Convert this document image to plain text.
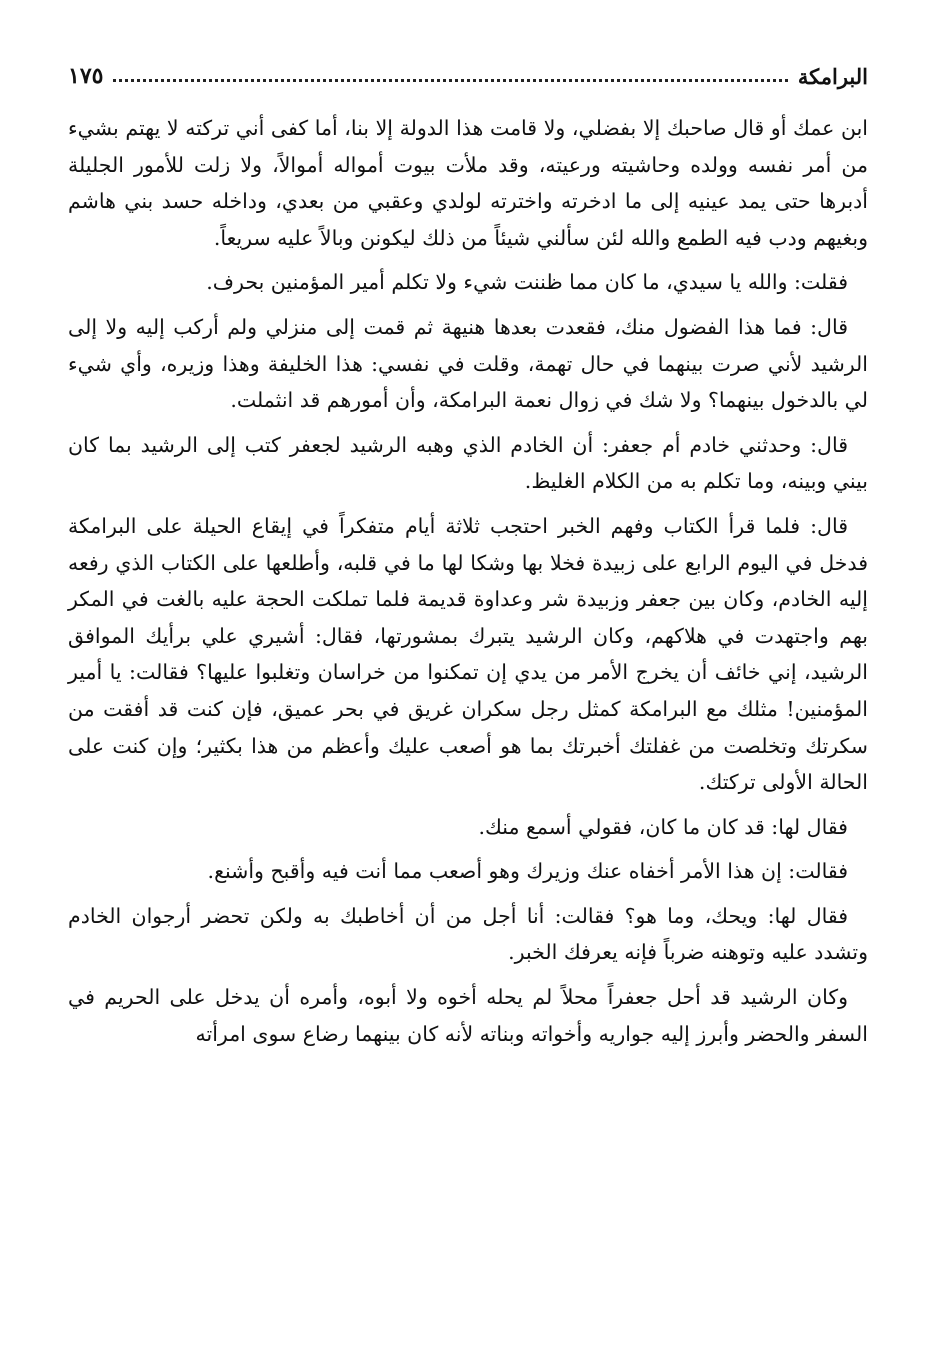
البرامكة
١٧٥

ابن عمك أو قال صاحبك إلا بفضلي، ولا قامت هذا الدولة إلا بنا، أما كفى أني تركته لا يهتم بشيء من أمر نفسه وولده وحاشيته ورعيته، وقد ملأت بيوت أمواله أموالاً، ولا زلت للأمور الجليلة أدبرها حتى يمد عينيه إلى ما ادخرته واخترته لولدي وعقبي من بعدي، وداخله حسد بني هاشم وبغيهم ودب فيه الطمع والله لئن سألني شيئاً من ذلك ليكونن وبالاً عليه سريعاً.

فقلت: والله يا سيدي، ما كان مما ظننت شيء ولا تكلم أمير المؤمنين بحرف.

قال: فما هذا الفضول منك، فقعدت بعدها هنيهة ثم قمت إلى منزلي ولم أركب إليه ولا إلى الرشيد لأني صرت بينهما في حال تهمة، وقلت في نفسي: هذا الخليفة وهذا وزيره، وأي شيء لي بالدخول بينهما؟ ولا شك في زوال نعمة البرامكة، وأن أمورهم قد انثملت.

قال: وحدثني خادم أم جعفر: أن الخادم الذي وهبه الرشيد لجعفر كتب إلى الرشيد بما كان بيني وبينه، وما تكلم به من الكلام الغليظ.

قال: فلما قرأ الكتاب وفهم الخبر احتجب ثلاثة أيام متفكراً في إيقاع الحيلة على البرامكة فدخل في اليوم الرابع على زبيدة فخلا بها وشكا لها ما في قلبه، وأطلعها على الكتاب الذي رفعه إليه الخادم، وكان بين جعفر وزبيدة شر وعداوة قديمة فلما تملكت الحجة عليه بالغت في المكر بهم واجتهدت في هلاكهم، وكان الرشيد يتبرك بمشورتها، فقال: أشيري علي برأيك الموافق الرشيد، إني خائف أن يخرج الأمر من يدي إن تمكنوا من خراسان وتغلبوا عليها؟ فقالت: يا أمير المؤمنين! مثلك مع البرامكة كمثل رجل سكران غريق في بحر عميق، فإن كنت قد أفقت من سكرتك وتخلصت من غفلتك أخبرتك بما هو أصعب عليك وأعظم من هذا بكثير؛ وإن كنت على الحالة الأولى تركتك.

فقال لها: قد كان ما كان، فقولي أسمع منك.

فقالت: إن هذا الأمر أخفاه عنك وزيرك وهو أصعب مما أنت فيه وأقبح وأشنع.

فقال لها: ويحك، وما هو؟ فقالت: أنا أجل من أن أخاطبك به ولكن تحضر أرجوان الخادم وتشدد عليه وتوهنه ضرباً فإنه يعرفك الخبر.

وكان الرشيد قد أحل جعفراً محلاً لم يحله أخوه ولا أبوه، وأمره أن يدخل على الحريم في السفر والحضر وأبرز إليه جواريه وأخواته وبناته لأنه كان بينهما رضاع سوى امرأته
